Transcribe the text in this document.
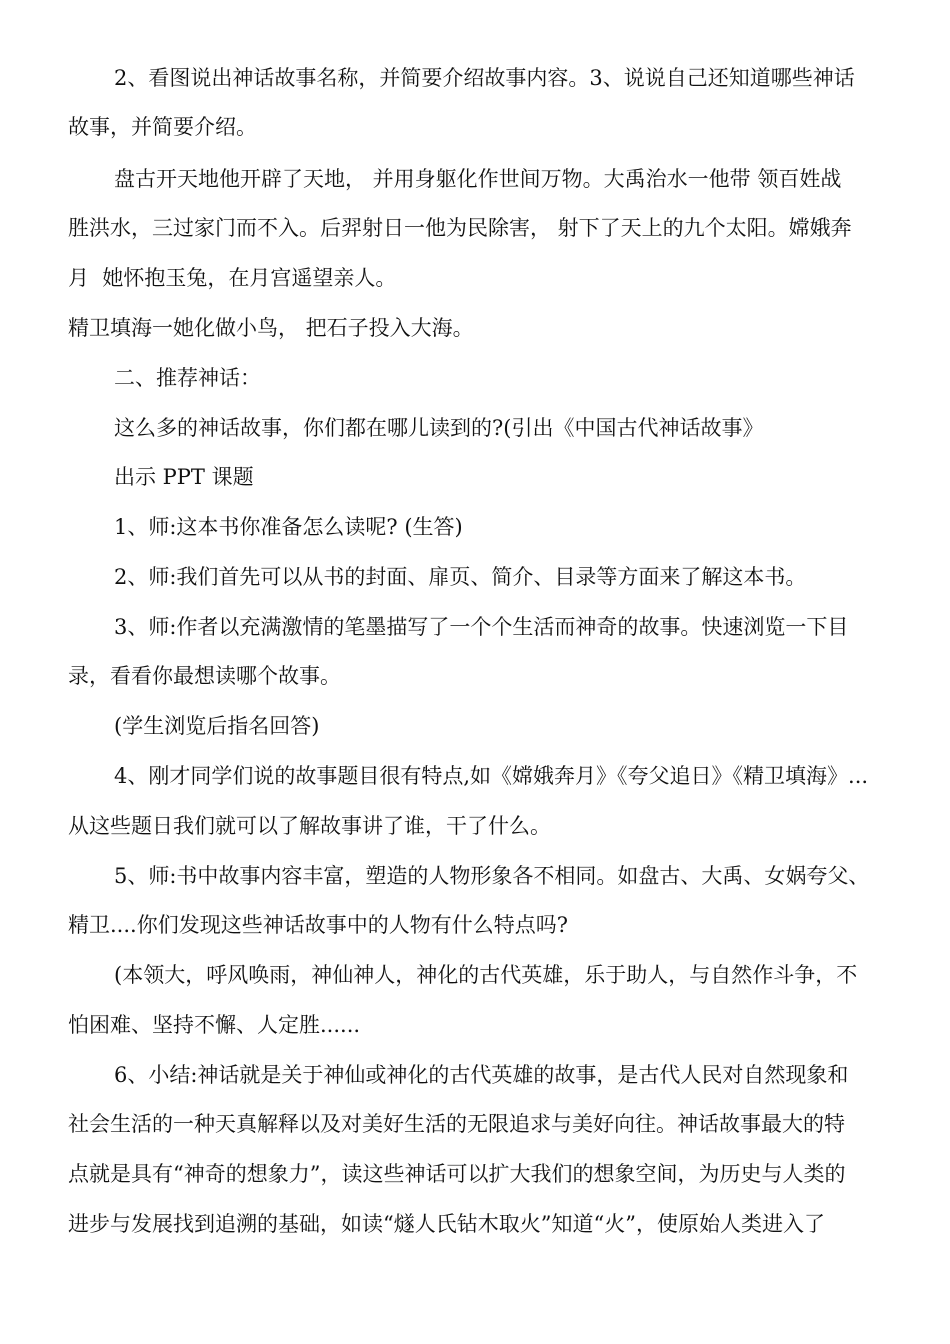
2、看图说出神话故事名称，并简要介绍故事内容。3、说说自己还知道哪些神话
故事，并简要介绍。
盘古开天地他开辟了天地， 并用身躯化作世间万物。大禹治水一他带 领百姓战
胜洪水，三过家门而不入。后羿射日一他为民除害， 射下了天上的九个太阳。嫦娥奔
月  她怀抱玉兔，在月宫遥望亲人。
精卫填海一她化做小鸟， 把石子投入大海。
二、推荐神话：
这么多的神话故事，你们都在哪儿读到的?(引出《中国古代神话故事》
出示 PPT 课题
1、师:这本书你准备怎么读呢? (生答)
2、师:我们首先可以从书的封面、扉页、简介、目录等方面来了解这本书。
3、师:作者以充满激情的笔墨描写了一个个生活而神奇的故事。快速浏览一下目
录，看看你最想读哪个故事。
(学生浏览后指名回答)
4、刚才同学们说的故事题目很有特点,如《嫦娥奔月》《夸父追日》《精卫填海》...
从这些题日我们就可以了解故事讲了谁，干了什么。
5、师:书中故事内容丰富，塑造的人物形象各不相同。如盘古、大禹、女娲夸父、
精卫....你们发现这些神话故事中的人物有什么特点吗?
(本领大，呼风唤雨，神仙神人，神化的古代英雄，乐于助人，与自然作斗争，不
怕困难、坚持不懈、人定胜......
6、小结:神话就是关于神仙或神化的古代英雄的故事，是古代人民对自然现象和
社会生活的一种天真解释以及对美好生活的无限追求与美好向往。神话故事最大的特
点就是具有“神奇的想象力”，读这些神话可以扩大我们的想象空间，为历史与人类的
进步与发展找到追溯的基础，如读“燧人氏钻木取火”知道“火”，使原始人类进入了
